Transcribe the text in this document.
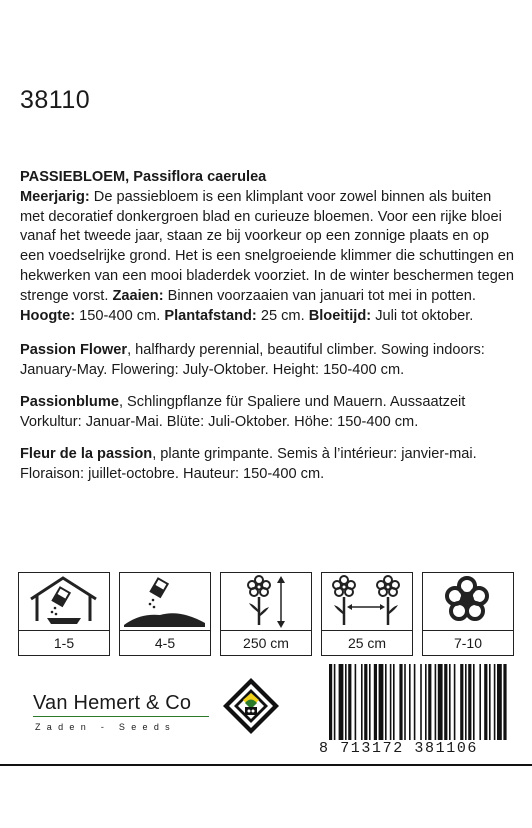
38110

PASSIEBLOEM, Passiflora caerulea
Meerjarig: De passiebloem is een klimplant voor zowel binnen als buiten met decoratief donkergroen blad en curieuze bloemen. Voor een rijke bloei vanaf het tweede jaar, staan ze bij voorkeur op een zonnige plaats en op een voedselrijke grond. Het is een snelgroeiende klimmer die schuttingen en hekwerken van een mooi bladerdek voorziet. In de winter beschermen tegen strenge vorst. Zaaien: Binnen voorzaaien van januari tot mei in potten. Hoogte: 150-400 cm. Plantafstand: 25 cm. Bloeitijd: Juli tot oktober.

Passion Flower, halfhardy perennial, beautiful climber. Sowing indoors: January-May. Flowering: July-Oktober. Height: 150-400 cm.

Passionblume, Schlingpflanze für Spaliere und Mauern. Aussaatzeit Vorkultur: Januar-Mai. Blüte: Juli-Oktober. Höhe: 150-400 cm.

Fleur de la passion, plante grimpante. Semis à l’intérieur: janvier-mai. Floraison: juillet-octobre. Hauteur: 150-400 cm.

1-5	4-5	250 cm	25 cm	7-10
Van Hemert & Co
Zaden - Seeds
8 713172 381106
